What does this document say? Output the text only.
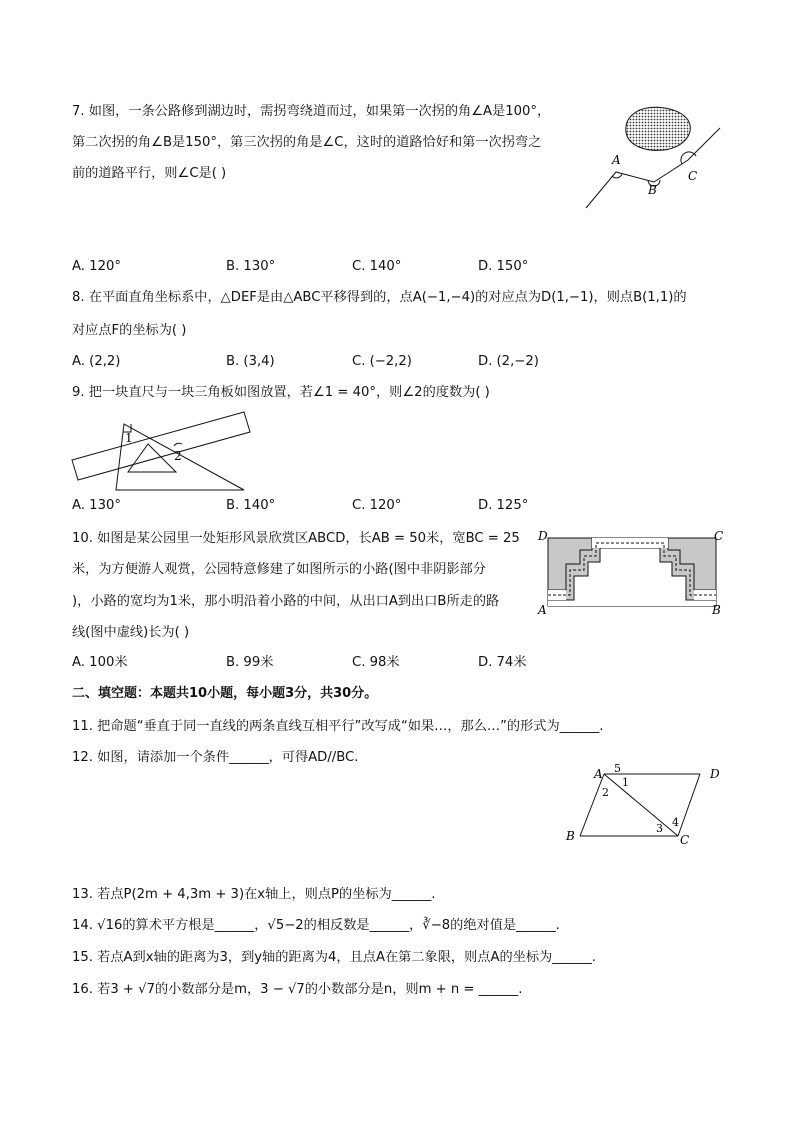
7. 如图，一条公路修到湖边时，需拐弯绕道而过，如果第一次拐的角∠A是100°，
第二次拐的角∠B是150°，第三次拐的角是∠C，这时的道路恰好和第一次拐弯之
前的道路平行，则∠C是( )
A
B
C
A. 120°	B. 130°	C. 140°	D. 150°
8. 在平面直角坐标系中，△DEF是由△ABC平移得到的，点A(−1,−4)的对应点为D(1,−1)，则点B(1,1)的
对应点F的坐标为( )
A. (2,2)	B. (3,4)	C. (−2,2)	D. (2,−2)
9. 把一块直尺与一块三角板如图放置，若∠1 = 40°，则∠2的度数为( )
1
2
A. 130°	B. 140°	C. 120°	D. 125°
10. 如图是某公园里一处矩形风景欣赏区ABCD，长AB = 50米，宽BC = 25
米，为方便游人观赏，公园特意修建了如图所示的小路(图中非阴影部分
)，小路的宽均为1米，那小明沿着小路的中间，从出口A到出口B所走的路
线(图中虚线)长为( )
D	C
A	B
A. 100米	B. 99米	C. 98米	D. 74米
二、填空题：本题共10小题，每小题3分，共30分。
11. 把命题“垂直于同一直线的两条直线互相平行”改写成“如果…，那么…”的形式为______.
12. 如图，请添加一个条件______，可得AD//BC.
A	D
B	C
5
1
2
3 4
13. 若点P(2m + 4,3m + 3)在x轴上，则点P的坐标为______.
14. √16的算术平方根是______，√5−2的相反数是______，∛−8的绝对值是______.
15. 若点A到x轴的距离为3，到y轴的距离为4，且点A在第二象限，则点A的坐标为______.
16. 若3 + √7的小数部分是m，3 − √7的小数部分是n，则m + n = ______.
